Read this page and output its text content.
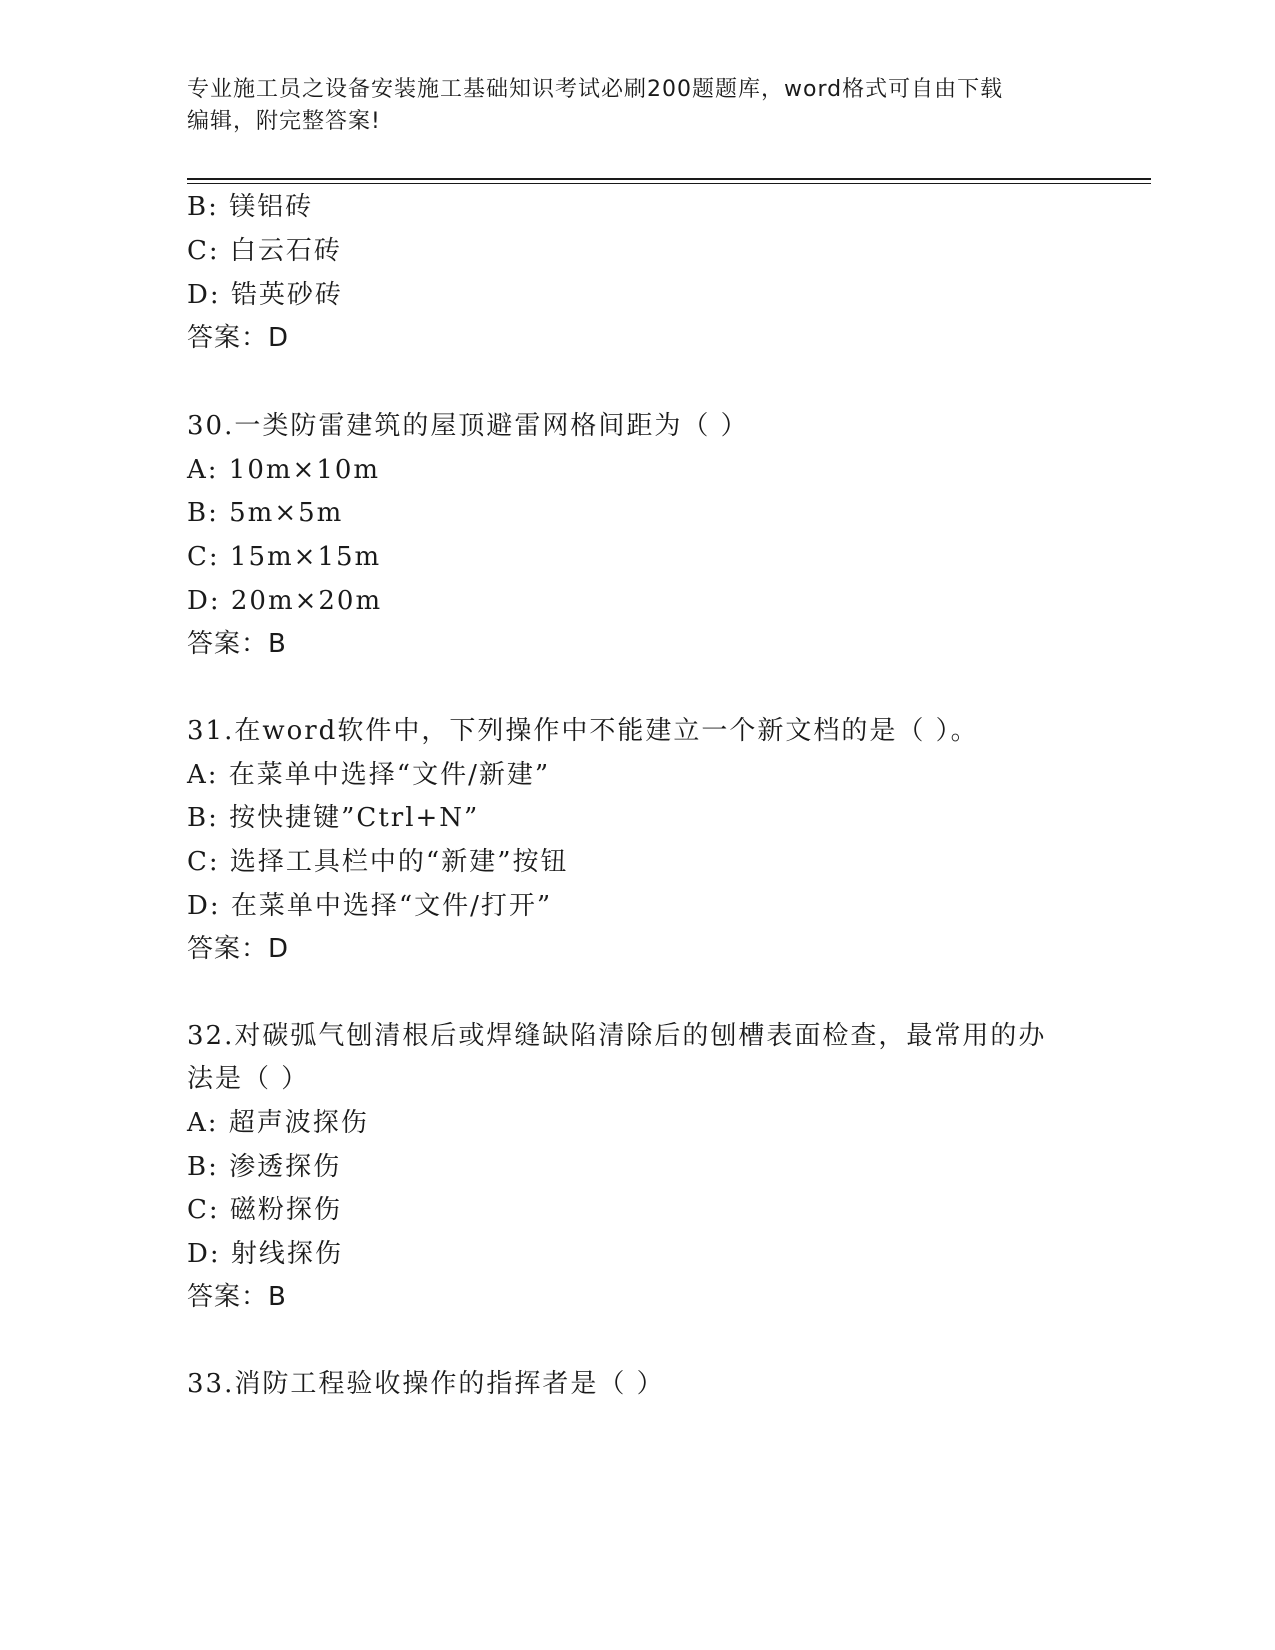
专业施工员之设备安装施工基础知识考试必刷200题题库，word格式可自由下载
编辑，附完整答案!
B: 镁铝砖
C: 白云石砖
D: 锆英砂砖
答案：D
30.一类防雷建筑的屋顶避雷网格间距为（ ）
A: 10m×10m
B: 5m×5m
C: 15m×15m
D: 20m×20m
答案：B
31.在word软件中，下列操作中不能建立一个新文档的是（ ）。
A: 在菜单中选择“文件/新建”
B: 按快捷键”Ctrl+N”
C: 选择工具栏中的“新建”按钮
D: 在菜单中选择“文件/打开”
答案：D
32.对碳弧气刨清根后或焊缝缺陷清除后的刨槽表面检查，最常用的办
法是（ ）
A: 超声波探伤
B: 渗透探伤
C: 磁粉探伤
D: 射线探伤
答案：B
33.消防工程验收操作的指挥者是（ ）
